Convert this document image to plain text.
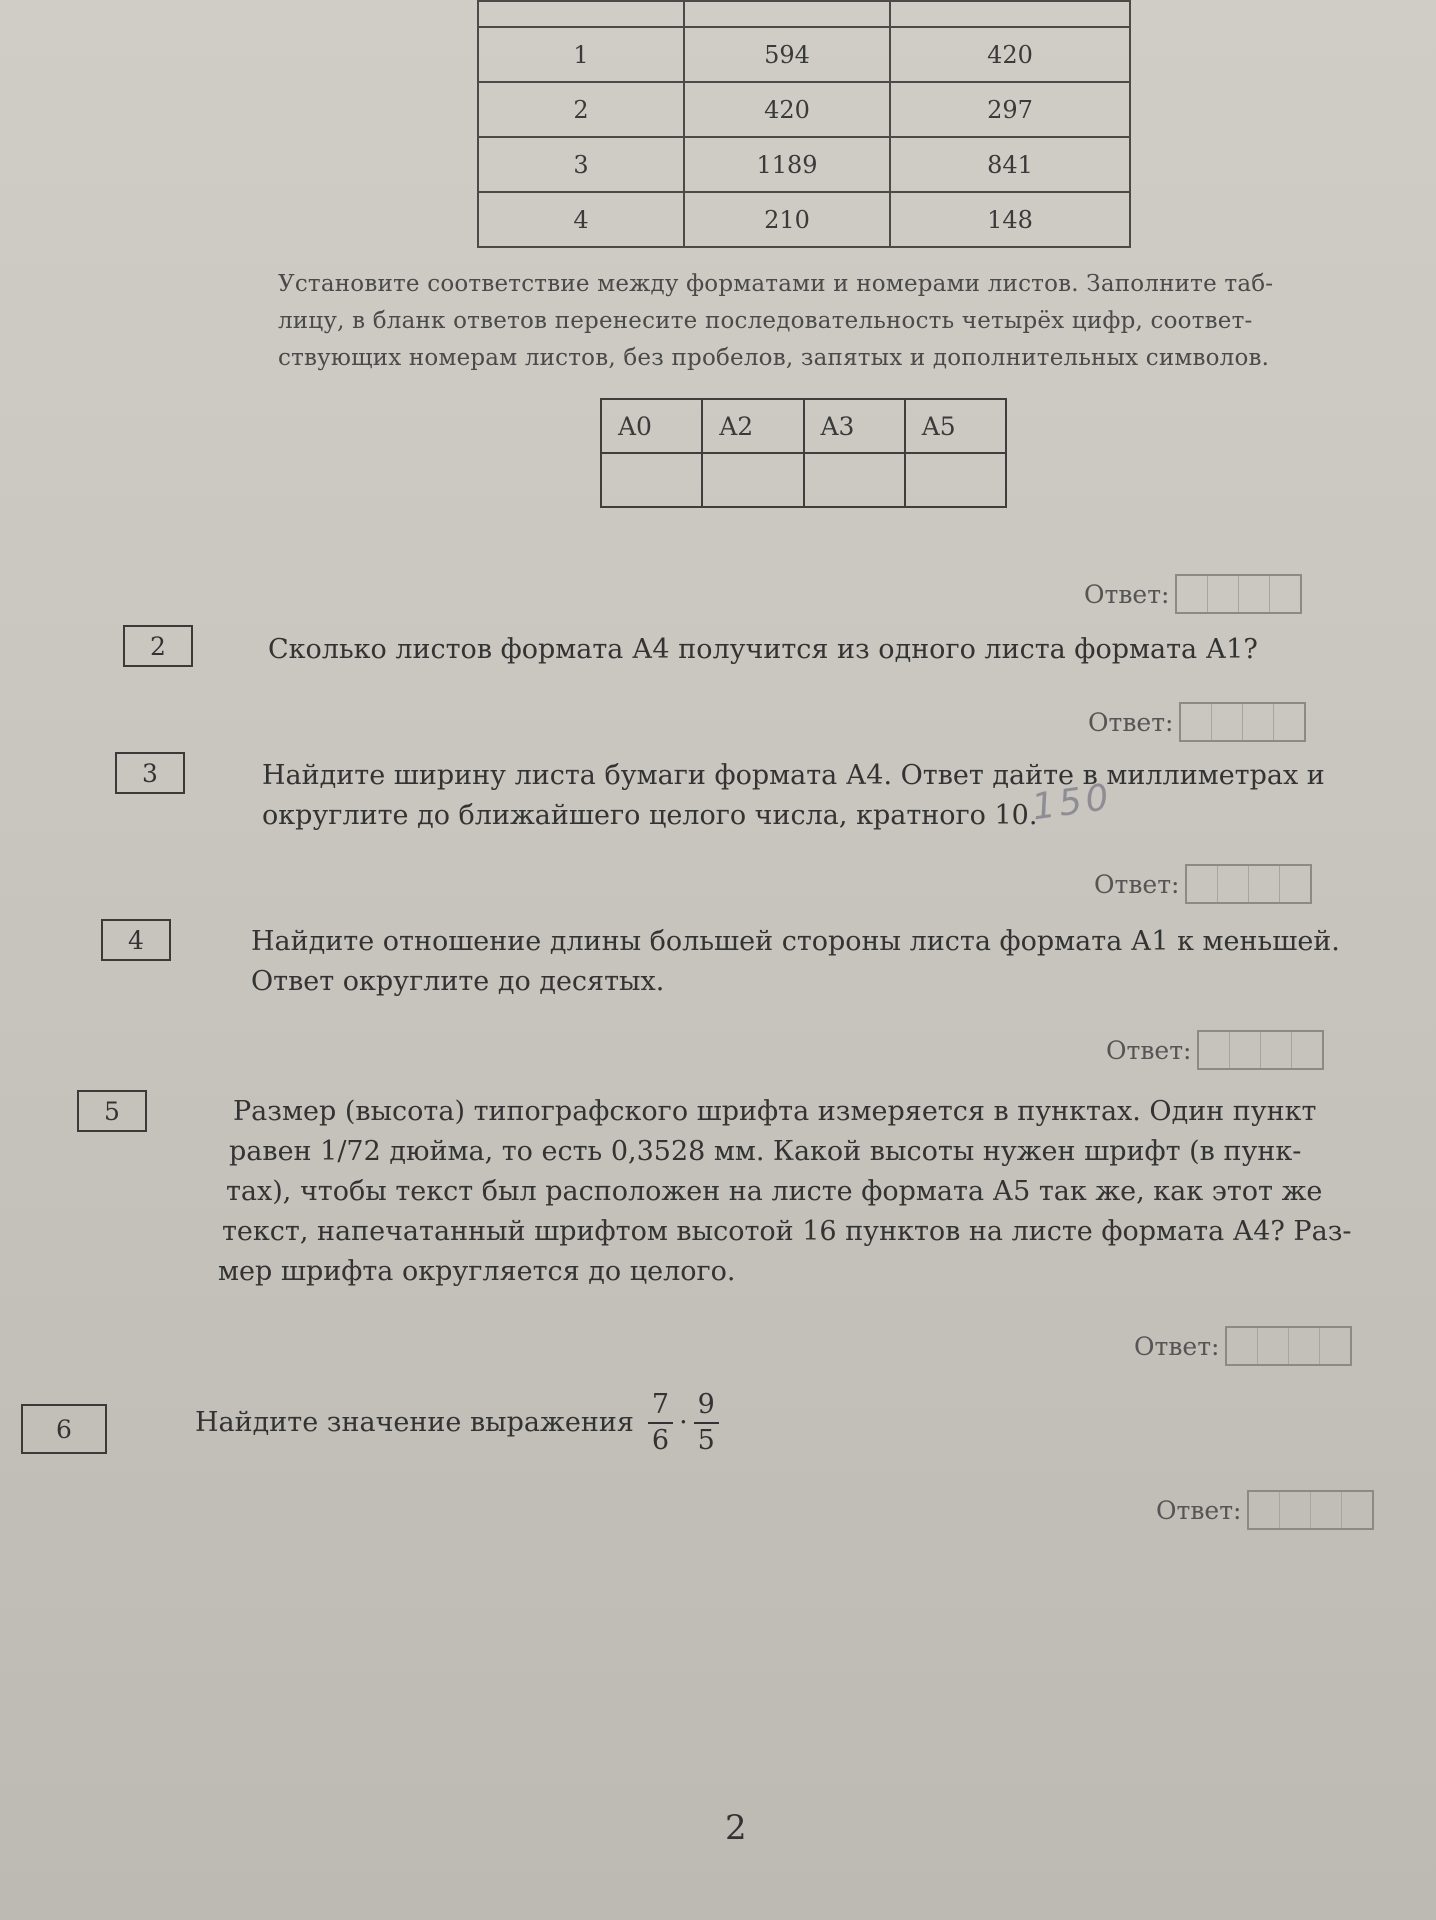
1	594	420
2	420	297
3	1189	841
4	210	148
Установите соответствие между форматами и номерами листов. Заполните таб-
лицу, в бланк ответов перенесите последовательность четырёх цифр, соответ-
ствующих номерам листов, без пробелов, запятых и дополнительных символов.
A0	A2	A3	A5

Ответ:
2	Сколько листов формата А4 получится из одного листа формата А1?
Ответ:
3	Найдите ширину листа бумаги формата А4. Ответ дайте в миллиметрах и
округлите до ближайшего целого числа, кратного 10.
150
Ответ:
4	Найдите отношение длины большей стороны листа формата А1 к меньшей.
Ответ округлите до десятых.
Ответ:
5	Размер (высота) типографского шрифта измеряется в пунктах. Один пункт
равен 1/72 дюйма, то есть 0,3528 мм. Какой высоты нужен шрифт (в пунк-
тах), чтобы текст был расположен на листе формата А5 так же, как этот же
текст, напечатанный шрифтом высотой 16 пунктов на листе формата А4? Раз-
мер шрифта округляется до целого.
Ответ:
6	Найдите значение выражения $\frac{7}{6} \cdot \frac{9}{5}$
Ответ:
2
